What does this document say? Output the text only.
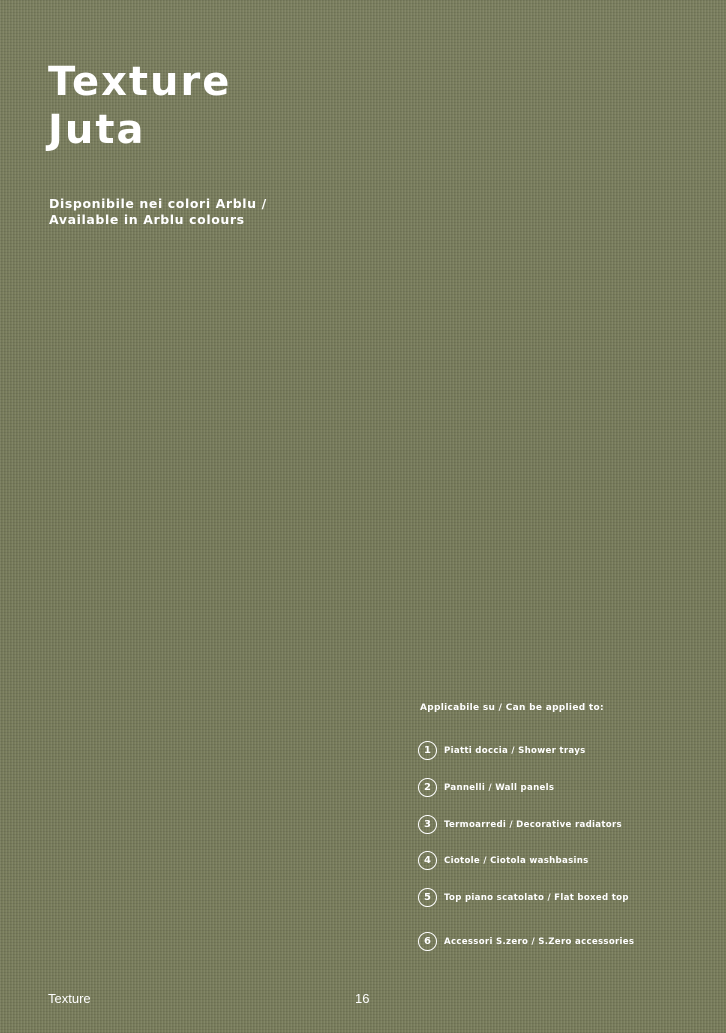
Texture
Juta

Disponibile nei colori Arblu /
Available in Arblu colours

Applicabile su / Can be applied to:
1	Piatti doccia / Shower trays
2	Pannelli / Wall panels
3	Termoarredi / Decorative radiators
4	Ciotole / Ciotola washbasins
5	Top piano scatolato / Flat boxed top
6	Accessori S.zero / S.Zero accessories
Texture	16
